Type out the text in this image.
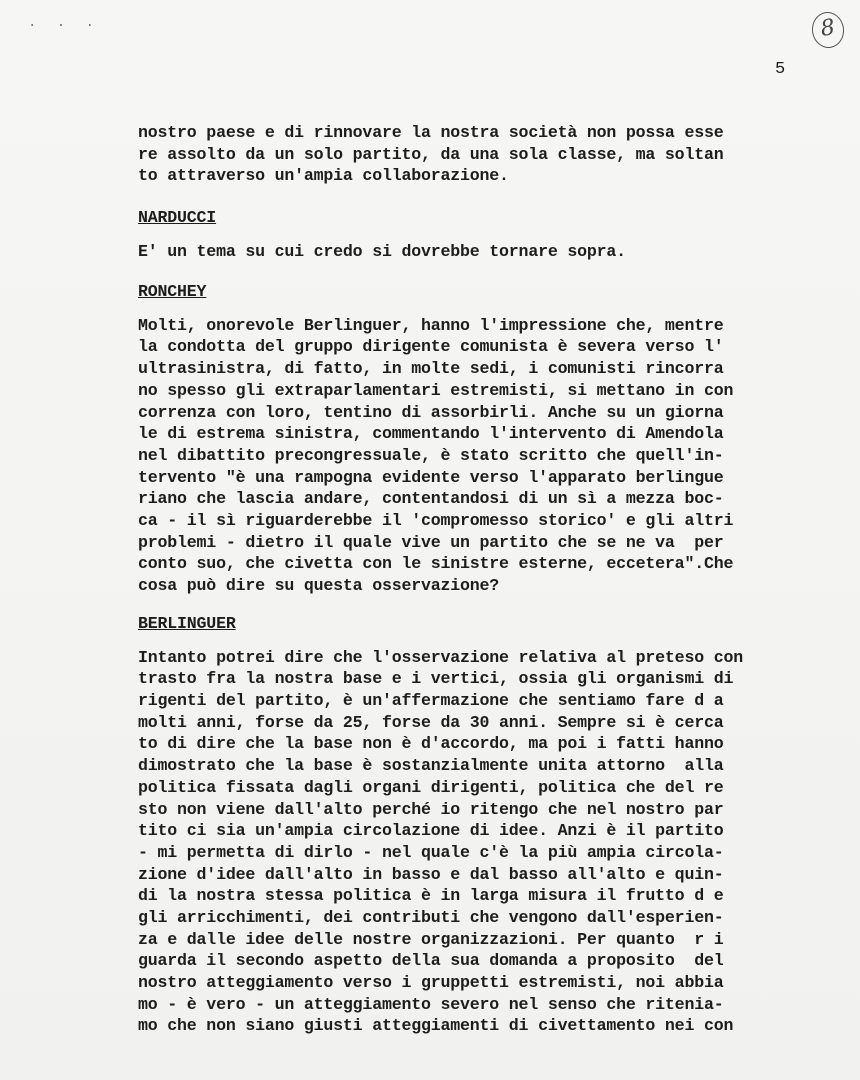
· · ·	8
5
nostro paese e di rinnovare la nostra società non possa esse
re assolto da un solo partito, da una sola classe, ma soltan
to attraverso un'ampia collaborazione.
NARDUCCI
E' un tema su cui credo si dovrebbe tornare sopra.
RONCHEY
Molti, onorevole Berlinguer, hanno l'impressione che, mentre
la condotta del gruppo dirigente comunista è severa verso l'
ultrasinistra, di fatto, in molte sedi, i comunisti rincorra
no spesso gli extraparlamentari estremisti, si mettano in con
correnza con loro, tentino di assorbirli. Anche su un giorna
le di estrema sinistra, commentando l'intervento di Amendola
nel dibattito precongressuale, è stato scritto che quell'in-
tervento "è una rampogna evidente verso l'apparato berlingue
riano che lascia andare, contentandosi di un sì a mezza boc-
ca - il sì riguarderebbe il 'compromesso storico' e gli altri
problemi - dietro il quale vive un partito che se ne va  per
conto suo, che civetta con le sinistre esterne, eccetera".Che
cosa può dire su questa osservazione?
BERLINGUER
Intanto potrei dire che l'osservazione relativa al preteso con
trasto fra la nostra base e i vertici, ossia gli organismi di
rigenti del partito, è un'affermazione che sentiamo fare d a
molti anni, forse da 25, forse da 30 anni. Sempre si è cerca
to di dire che la base non è d'accordo, ma poi i fatti hanno
dimostrato che la base è sostanzialmente unita attorno  alla
politica fissata dagli organi dirigenti, politica che del re
sto non viene dall'alto perché io ritengo che nel nostro par
tito ci sia un'ampia circolazione di idee. Anzi è il partito
- mi permetta di dirlo - nel quale c'è la più ampia circola-
zione d'idee dall'alto in basso e dal basso all'alto e quin-
di la nostra stessa politica è in larga misura il frutto d e
gli arricchimenti, dei contributi che vengono dall'esperien-
za e dalle idee delle nostre organizzazioni. Per quanto  r i
guarda il secondo aspetto della sua domanda a proposito  del
nostro atteggiamento verso i gruppetti estremisti, noi abbia
mo - è vero - un atteggiamento severo nel senso che ritenia-
mo che non siano giusti atteggiamenti di civettamento nei con
